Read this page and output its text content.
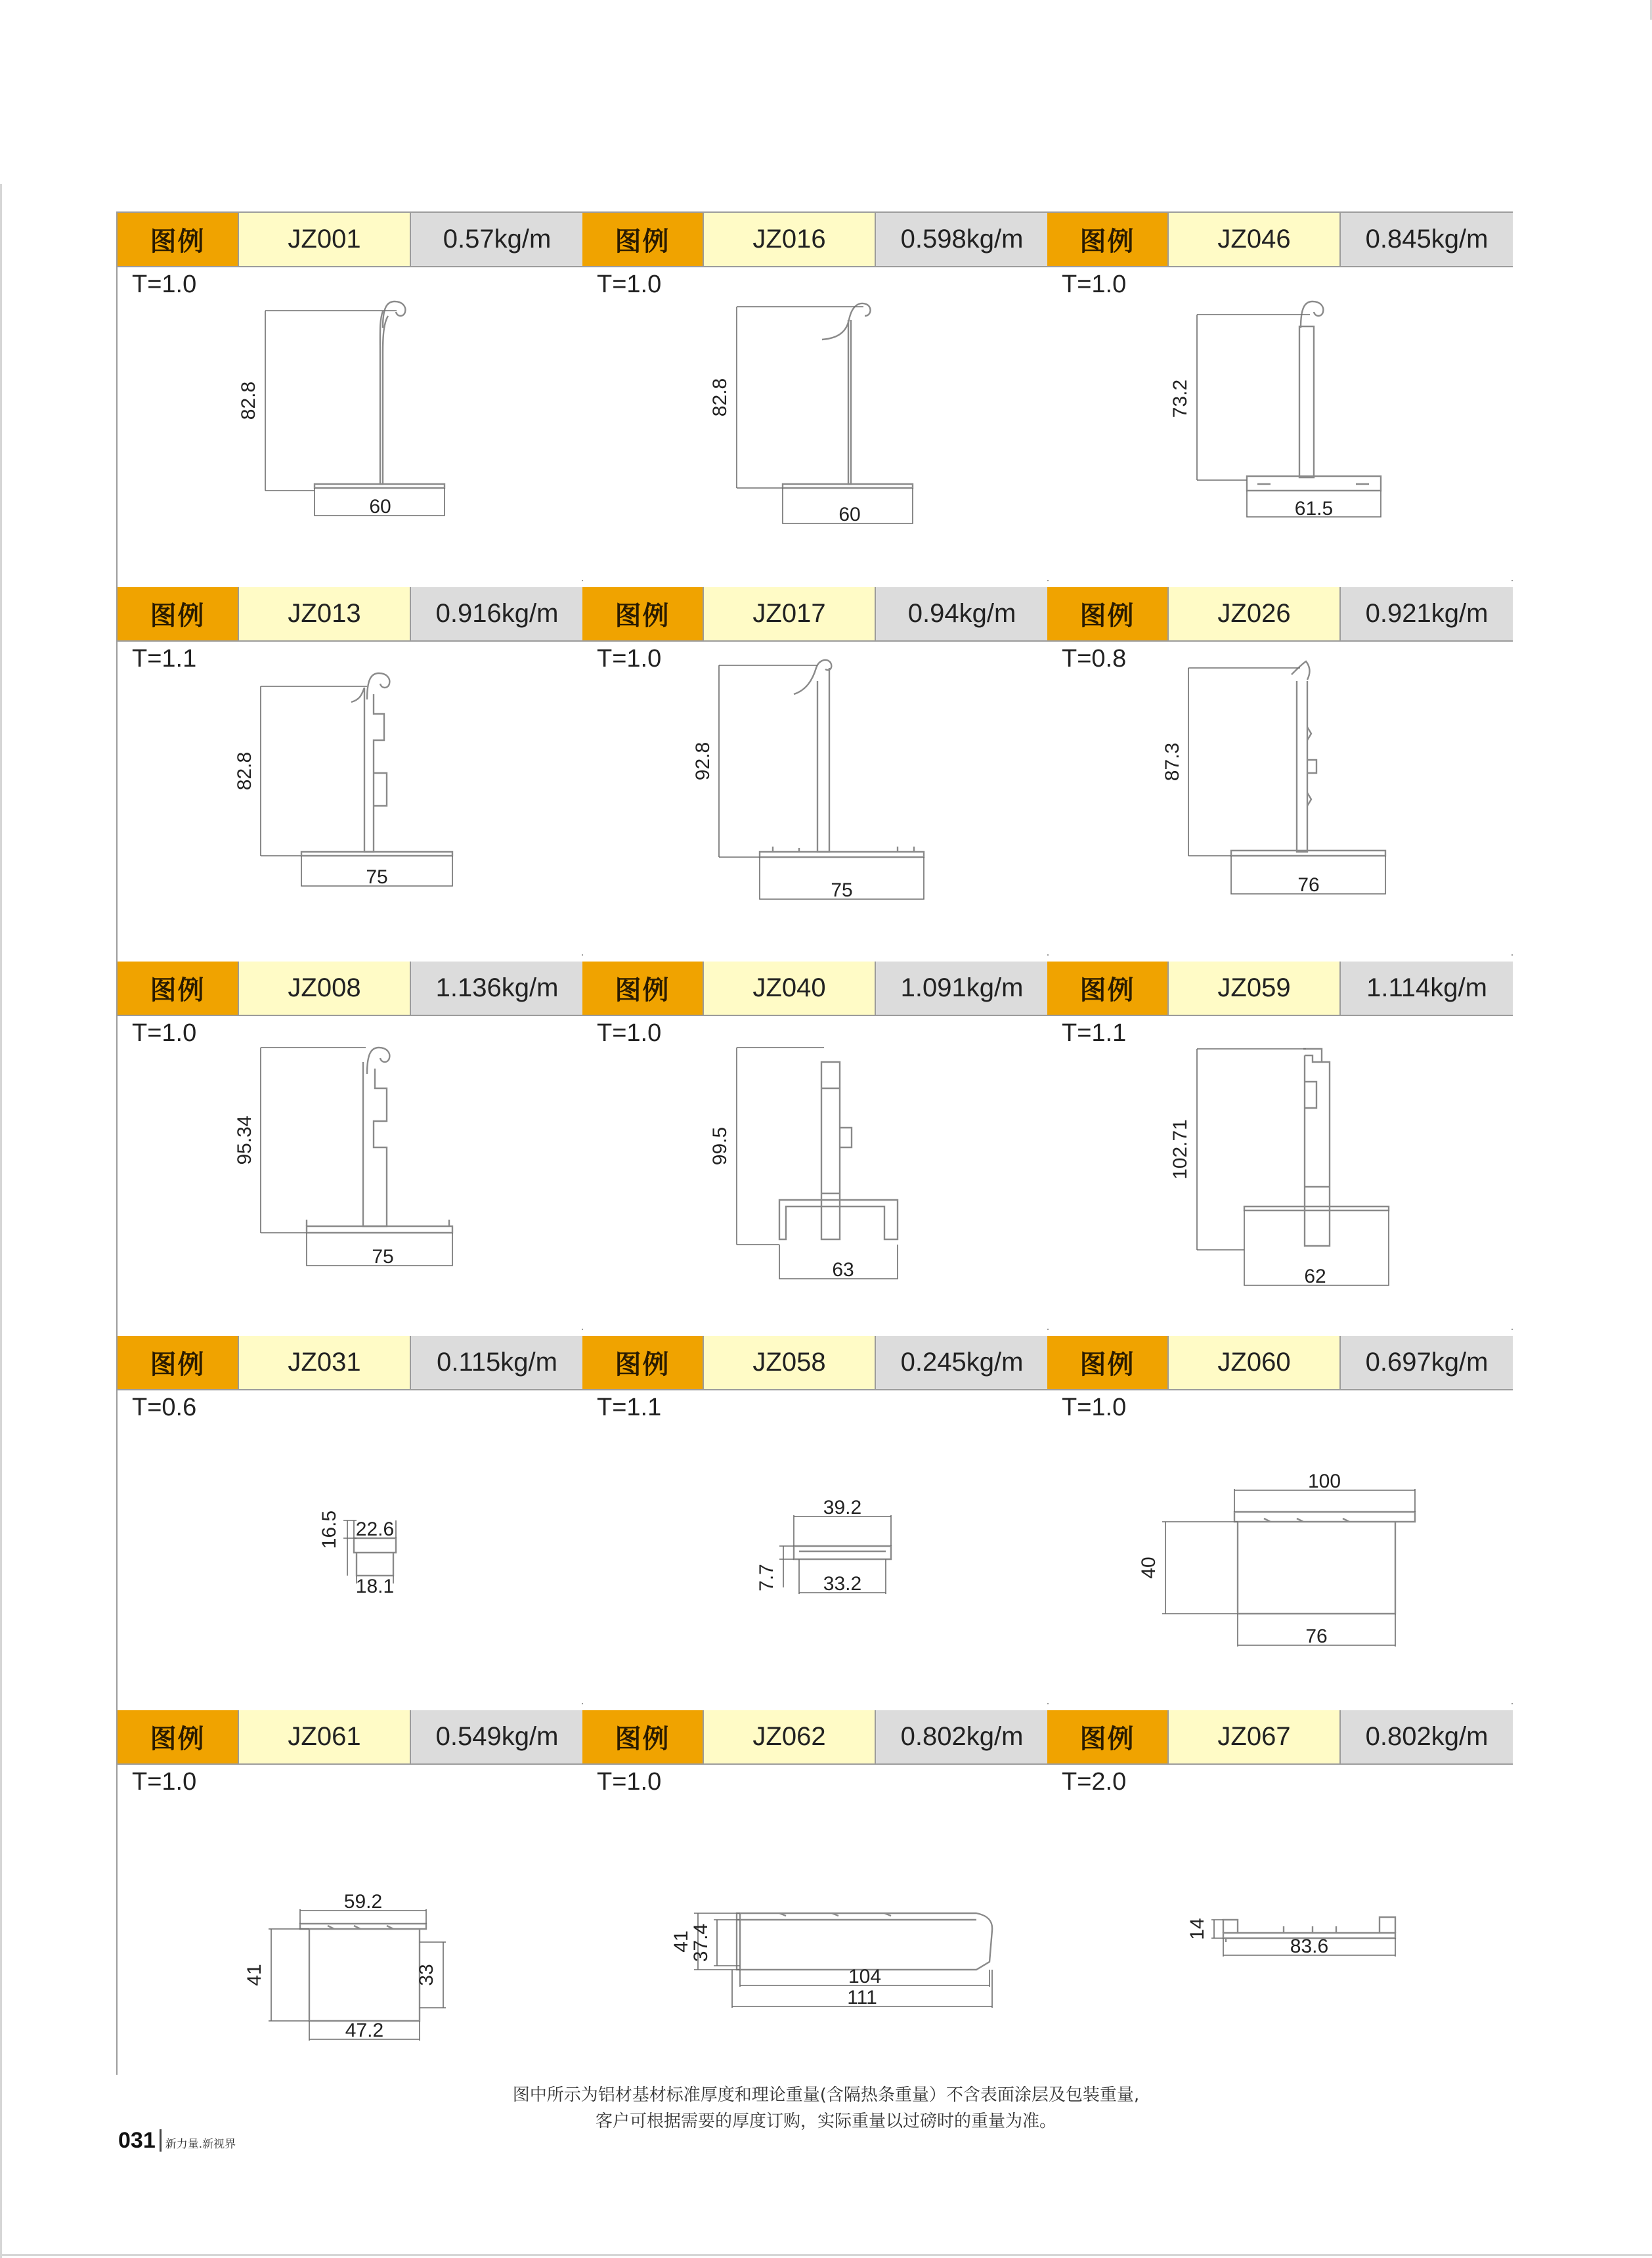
图例	JZ001	0.57kg/m
T=1.0
82.8
60
图例	JZ016	0.598kg/m
T=1.0
82.8
60
图例	JZ046	0.845kg/m
T=1.0
73.2
61.5
图例	JZ013	0.916kg/m
T=1.1
82.8
75
图例	JZ017	0.94kg/m
T=1.0
92.8
75
图例	JZ026	0.921kg/m
T=0.8
87.3
76
图例	JZ008	1.136kg/m
T=1.0
95.34
75
图例	JZ040	1.091kg/m
T=1.0
99.5
63
图例	JZ059	1.114kg/m
T=1.1
102.71
62
图例	JZ031	0.115kg/m
T=0.6
16.5 22.6
18.1
图例	JZ058	0.245kg/m
T=1.1
7.7
39.2
33.2
图例	JZ060	0.697kg/m
T=1.0
100
40
76
图例	JZ061	0.549kg/m
T=1.0
59.2
41	33
47.2
图例	JZ062	0.802kg/m
T=1.0
41
37.4
104
111
图例	JZ067	0.802kg/m
T=2.0
14
83.6
图中所示为铝材基材标准厚度和理论重量(含隔热条重量）不含表面涂层及包装重量,
客户可根据需要的厚度订购，实际重量以过磅时的重量为准。
031 新力量.新视界
